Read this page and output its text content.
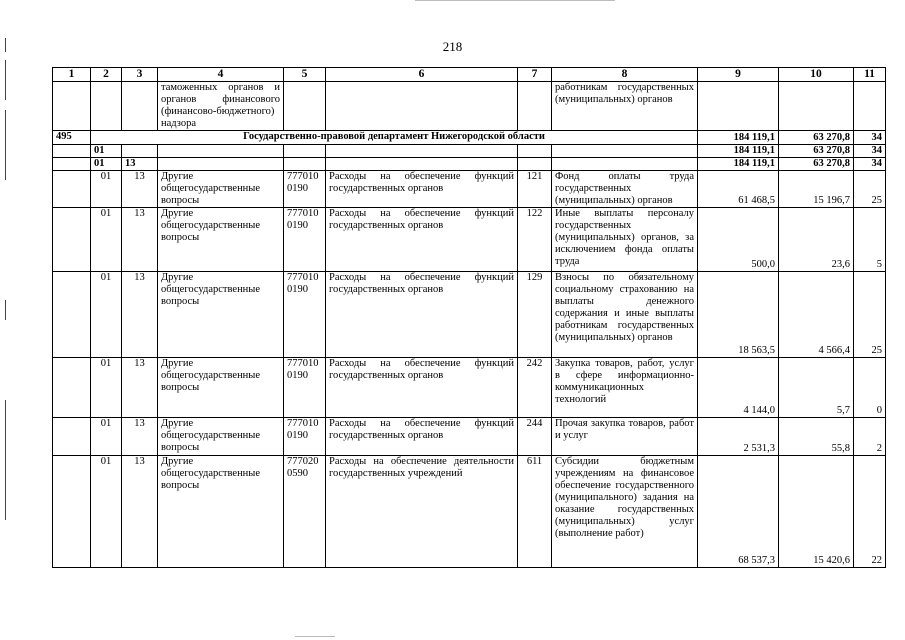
218
1	2	3	4	5	6	7	8	9	10	11
			таможенных органов и органов финансового (финансово-бюджетного) надзора				работникам государственных (муниципальных) органов			
495	Государственно-правовой департамент Нижегородской области							184 119,1	63 270,8	34
	01							184 119,1	63 270,8	34
	01	13						184 119,1	63 270,8	34
	01	13	Другие общегосударственные вопросы	777010 0190	Расходы на обеспечение функций государственных органов	121	Фонд оплаты труда государственных (муниципальных) органов	61 468,5	15 196,7	25
	01	13	Другие общегосударственные вопросы	777010 0190	Расходы на обеспечение функций государственных органов	122	Иные выплаты персоналу государственных (муниципальных) органов, за исключением фонда оплаты труда	500,0	23,6	5
	01	13	Другие общегосударственные вопросы	777010 0190	Расходы на обеспечение функций государственных органов	129	Взносы по обязательному социальному страхованию на выплаты денежного содержания и иные выплаты работникам государственных (муниципальных) органов	18 563,5	4 566,4	25
	01	13	Другие общегосударственные вопросы	777010 0190	Расходы на обеспечение функций государственных органов	242	Закупка товаров, работ, услуг в сфере информационно-коммуникационных технологий	4 144,0	5,7	0
	01	13	Другие общегосударственные вопросы	777010 0190	Расходы на обеспечение функций государственных органов	244	Прочая закупка товаров, работ и услуг	2 531,3	55,8	2
	01	13	Другие общегосударственные вопросы	777020 0590	Расходы на обеспечение деятельности государственных учреждений	611	Субсидии бюджетным учреждениям на финансовое обеспечение государственного (муниципального) задания на оказание государственных (муниципальных) услуг (выполнение работ)	68 537,3	15 420,6	22
